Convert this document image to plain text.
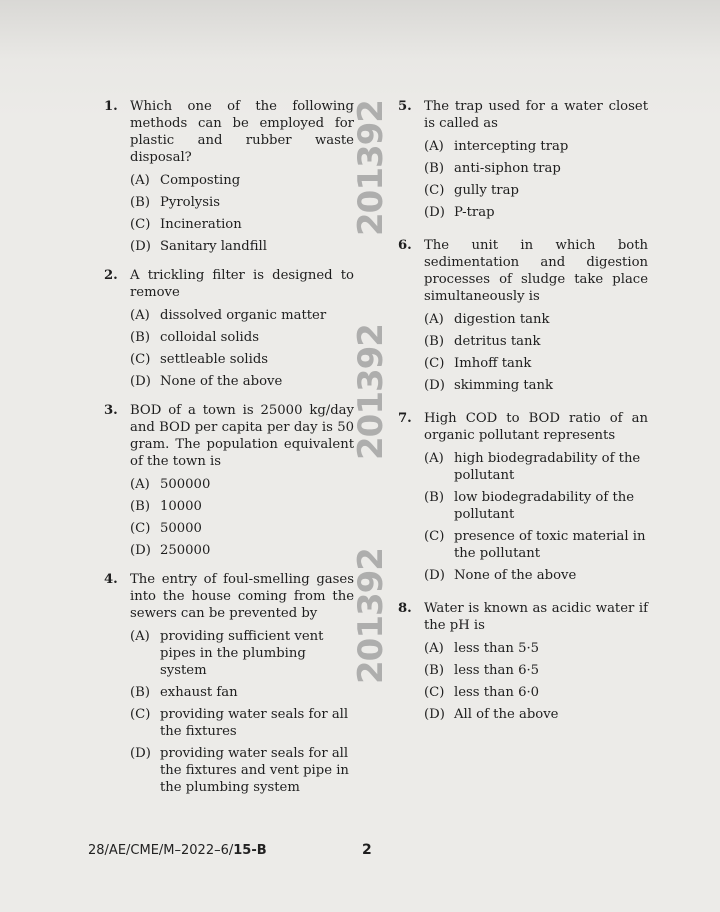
1. Which one of the following methods can be employed for plastic and rubber waste disposal?
(A) Composting
(B) Pyrolysis
(C) Incineration
(D) Sanitary landfill
2. A trickling filter is designed to remove
(A) dissolved organic matter
(B) colloidal solids
(C) settleable solids
(D) None of the above
3. BOD of a town is 25000 kg/day and BOD per capita per day is 50 gram. The population equivalent of the town is
(A) 500000
(B) 10000
(C) 50000
(D) 250000
4. The entry of foul-smelling gases into the house coming from the sewers can be prevented by
(A) providing sufficient vent pipes in the plumbing system
(B) exhaust fan
(C) providing water seals for all the fixtures
(D) providing water seals for all the fixtures and vent pipe in the plumbing system
5. The trap used for a water closet is called as
(A) intercepting trap
(B) anti-siphon trap
(C) gully trap
(D) P-trap
6. The unit in which both sedimentation and digestion processes of sludge take place simultaneously is
(A) digestion tank
(B) detritus tank
(C) Imhoff tank
(D) skimming tank
7. High COD to BOD ratio of an organic pollutant represents
(A) high biodegradability of the pollutant
(B) low biodegradability of the pollutant
(C) presence of toxic material in the pollutant
(D) None of the above
8. Water is known as acidic water if the pH is
(A) less than 5·5
(B) less than 6·5
(C) less than 6·0
(D) All of the above
201392
201392
201392
28/AE/CME/M–2022–6/15-B	2
